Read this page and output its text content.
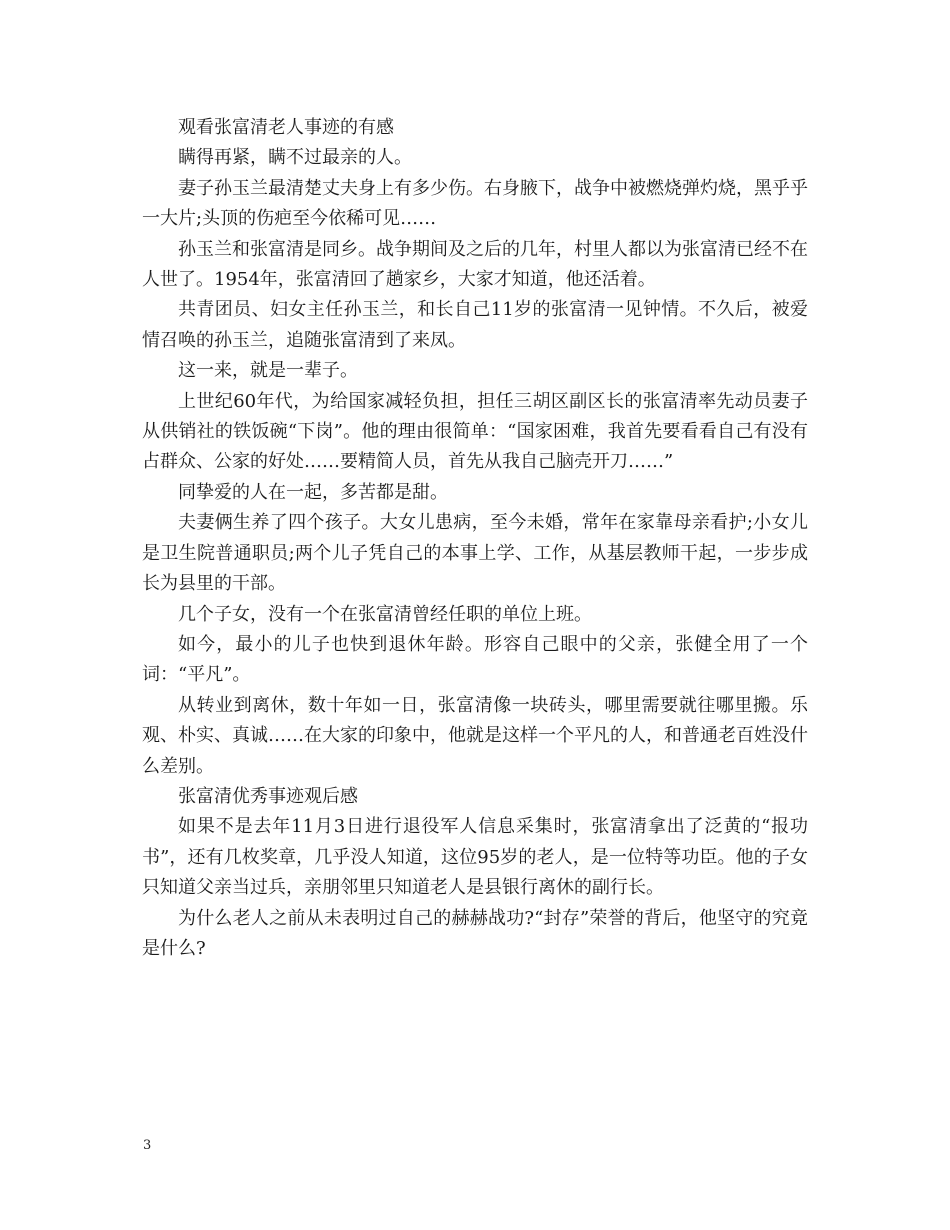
观看张富清老人事迹的有感

瞒得再紧，瞒不过最亲的人。

妻子孙玉兰最清楚丈夫身上有多少伤。右身腋下，战争中被燃烧弹灼烧，黑乎乎一大片;头顶的伤疤至今依稀可见……

孙玉兰和张富清是同乡。战争期间及之后的几年，村里人都以为张富清已经不在人世了。1954年，张富清回了趟家乡，大家才知道，他还活着。

共青团员、妇女主任孙玉兰，和长自己11岁的张富清一见钟情。不久后，被爱情召唤的孙玉兰，追随张富清到了来凤。

这一来，就是一辈子。

上世纪60年代，为给国家减轻负担，担任三胡区副区长的张富清率先动员妻子从供销社的铁饭碗“下岗”。他的理由很简单：“国家困难，我首先要看看自己有没有占群众、公家的好处……要精简人员，首先从我自己脑壳开刀……”

同挚爱的人在一起，多苦都是甜。

夫妻俩生养了四个孩子。大女儿患病，至今未婚，常年在家靠母亲看护;小女儿是卫生院普通职员;两个儿子凭自己的本事上学、工作，从基层教师干起，一步步成长为县里的干部。

几个子女，没有一个在张富清曾经任职的单位上班。

如今，最小的儿子也快到退休年龄。形容自己眼中的父亲，张健全用了一个词：“平凡”。

从转业到离休，数十年如一日，张富清像一块砖头，哪里需要就往哪里搬。乐观、朴实、真诚……在大家的印象中，他就是这样一个平凡的人，和普通老百姓没什么差别。

张富清优秀事迹观后感

如果不是去年11月3日进行退役军人信息采集时，张富清拿出了泛黄的“报功书”，还有几枚奖章，几乎没人知道，这位95岁的老人，是一位特等功臣。他的子女只知道父亲当过兵，亲朋邻里只知道老人是县银行离休的副行长。

为什么老人之前从未表明过自己的赫赫战功?“封存”荣誉的背后，他坚守的究竟是什么?

3
